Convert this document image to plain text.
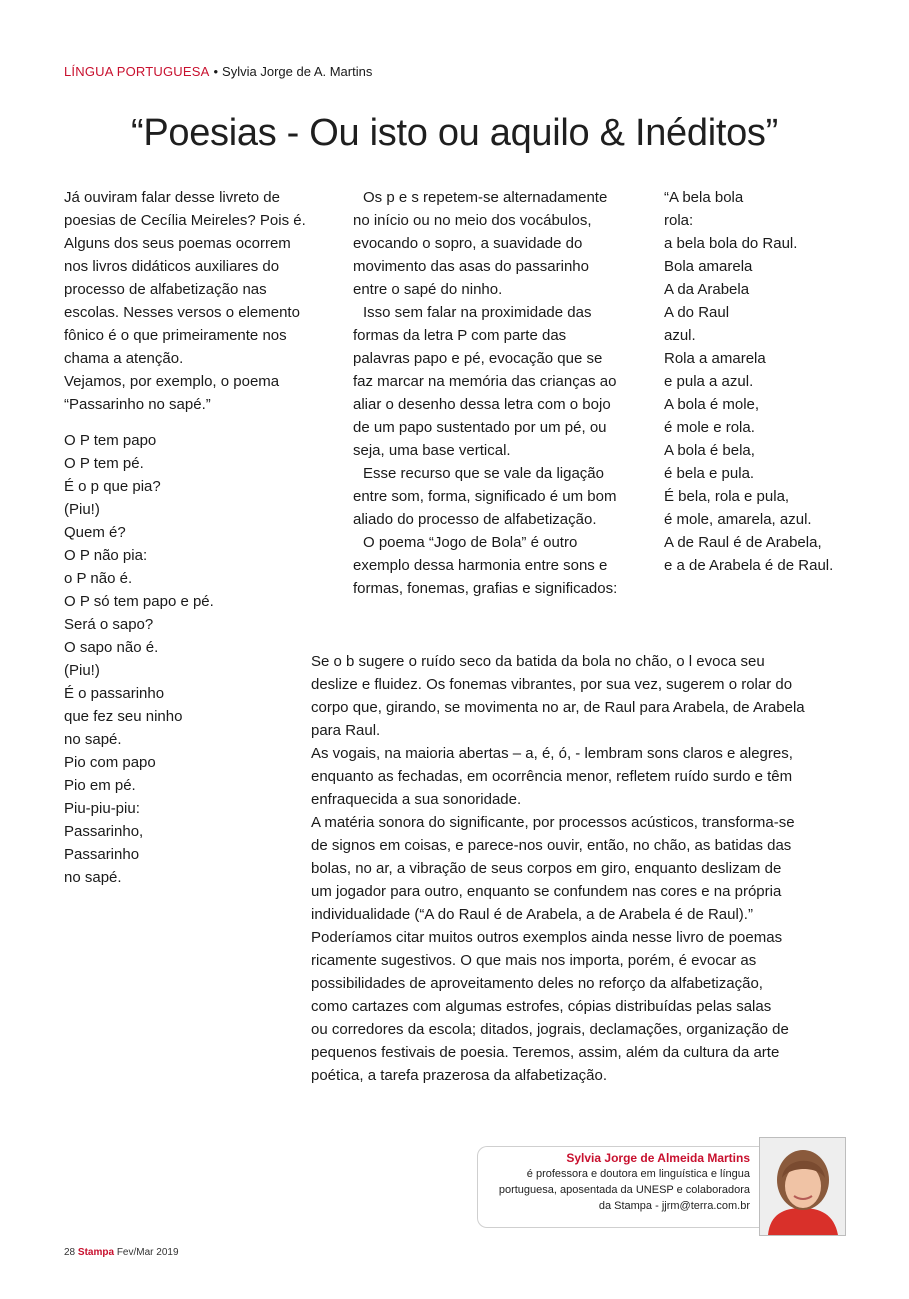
LÍNGUA PORTUGUESA • Sylvia Jorge de A. Martins
“Poesias - Ou isto ou aquilo & Inéditos”
Já ouviram falar desse livreto de
poesias de Cecília Meireles? Pois é.
Alguns dos seus poemas ocorrem
nos livros didáticos auxiliares do
processo de alfabetização nas
escolas. Nesses versos o elemento
fônico é o que primeiramente nos
chama a atenção.
Vejamos, por exemplo, o poema
“Passarinho no sapé.”
O P tem papo
O P tem pé.
É o p que pia?
(Piu!)
Quem é?
O P não pia:
o P não é.
O P só tem papo e pé.
Será o sapo?
O sapo não é.
(Piu!)
É o passarinho
que fez seu ninho
no sapé.
Pio com papo
Pio em pé.
Piu-piu-piu:
Passarinho,
Passarinho
no sapé.
Os p e s repetem-se alternadamente
no início ou no meio dos vocábulos,
evocando o sopro, a suavidade do
movimento das asas do passarinho
entre o sapé do ninho.
Isso sem falar na proximidade das
formas da letra P com parte das
palavras papo e pé, evocação que se
faz marcar na memória das crianças ao
aliar o desenho dessa letra com o bojo
de um papo sustentado por um pé, ou
seja, uma base vertical.
Esse recurso que se vale da ligação
entre som, forma, significado é um bom
aliado do processo de alfabetização.
O poema “Jogo de Bola” é outro
exemplo dessa harmonia entre sons e
formas, fonemas, grafias e significados:
“A bela bola
rola:
a bela bola do Raul.
Bola amarela
A da Arabela
A do Raul
azul.
Rola a amarela
e pula a azul.
A bola é mole,
é mole e rola.
A bola é bela,
é bela e pula.
É bela, rola e pula,
é mole, amarela, azul.
A de Raul é de Arabela,
e a de Arabela é de Raul.
Se o b sugere o ruído seco da batida da bola no chão, o l evoca seu
deslize e fluidez. Os fonemas vibrantes, por sua vez, sugerem o rolar do
corpo que, girando, se movimenta no ar, de Raul para Arabela, de Arabela
para Raul.
As vogais, na maioria abertas – a, é, ó, - lembram sons claros e alegres,
enquanto as fechadas, em ocorrência menor, refletem ruído surdo e têm
enfraquecida a sua sonoridade.
A matéria sonora do significante, por processos acústicos, transforma-se
de signos em coisas, e parece-nos ouvir, então, no chão, as batidas das
bolas, no ar, a vibração de seus corpos em giro, enquanto deslizam de
um jogador para outro, enquanto se confundem nas cores e na própria
individualidade (“A do Raul é de Arabela, a de Arabela é de Raul).”
Poderíamos citar muitos outros exemplos ainda nesse livro de poemas
ricamente sugestivos. O que mais nos importa, porém, é evocar as
possibilidades de aproveitamento deles no reforço da alfabetização,
como cartazes com algumas estrofes, cópias distribuídas pelas salas
ou corredores da escola; ditados, jograis, declamações, organização de
pequenos festivais de poesia. Teremos, assim, além da cultura da arte
poética, a tarefa prazerosa da alfabetização.
Sylvia Jorge de Almeida Martins
é professora e doutora em linguística e língua
portuguesa, aposentada da UNESP e colaboradora
da Stampa - jjrm@terra.com.br
28 Stampa Fev/Mar 2019
